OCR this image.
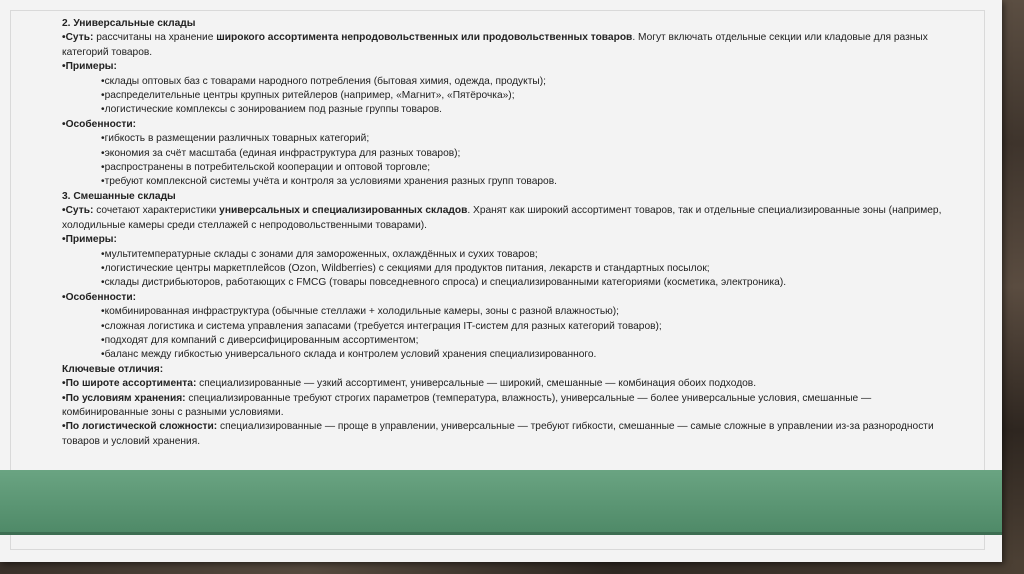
2. Универсальные склады

•Суть: рассчитаны на хранение широкого ассортимента непродовольственных или продовольственных товаров. Могут включать отдельные секции или кладовые для разных категорий товаров.

•Примеры:

•склады оптовых баз с товарами народного потребления (бытовая химия, одежда, продукты);

•распределительные центры крупных ритейлеров (например, «Магнит», «Пятёрочка»);

•логистические комплексы с зонированием под разные группы товаров.

•Особенности:

•гибкость в размещении различных товарных категорий;

•экономия за счёт масштаба (единая инфраструктура для разных товаров);

•распространены в потребительской кооперации и оптовой торговле;

•требуют комплексной системы учёта и контроля за условиями хранения разных групп товаров.

3. Смешанные склады

•Суть: сочетают характеристики универсальных и специализированных складов. Хранят как широкий ассортимент товаров, так и отдельные специализированные зоны (например, холодильные камеры среди стеллажей с непродовольственными товарами).

•Примеры:

•мультитемпературные склады с зонами для замороженных, охлаждённых и сухих товаров;

•логистические центры маркетплейсов (Ozon, Wildberries) с секциями для продуктов питания, лекарств и стандартных посылок;

•склады дистрибьюторов, работающих с FMCG (товары повседневного спроса) и специализированными категориями (косметика, электроника).

•Особенности:

•комбинированная инфраструктура (обычные стеллажи + холодильные камеры, зоны с разной влажностью);

•сложная логистика и система управления запасами (требуется интеграция IT-систем для разных категорий товаров);

•подходят для компаний с диверсифицированным ассортиментом;

•баланс между гибкостью универсального склада и контролем условий хранения специализированного.

Ключевые отличия:

•По широте ассортимента: специализированные — узкий ассортимент, универсальные — широкий, смешанные — комбинация обоих подходов.

•По условиям хранения: специализированные требуют строгих параметров (температура, влажность), универсальные — более универсальные условия, смешанные — комбинированные зоны с разными условиями.

•По логистической сложности: специализированные — проще в управлении, универсальные — требуют гибкости, смешанные — самые сложные в управлении из-за разнородности товаров и условий хранения.
